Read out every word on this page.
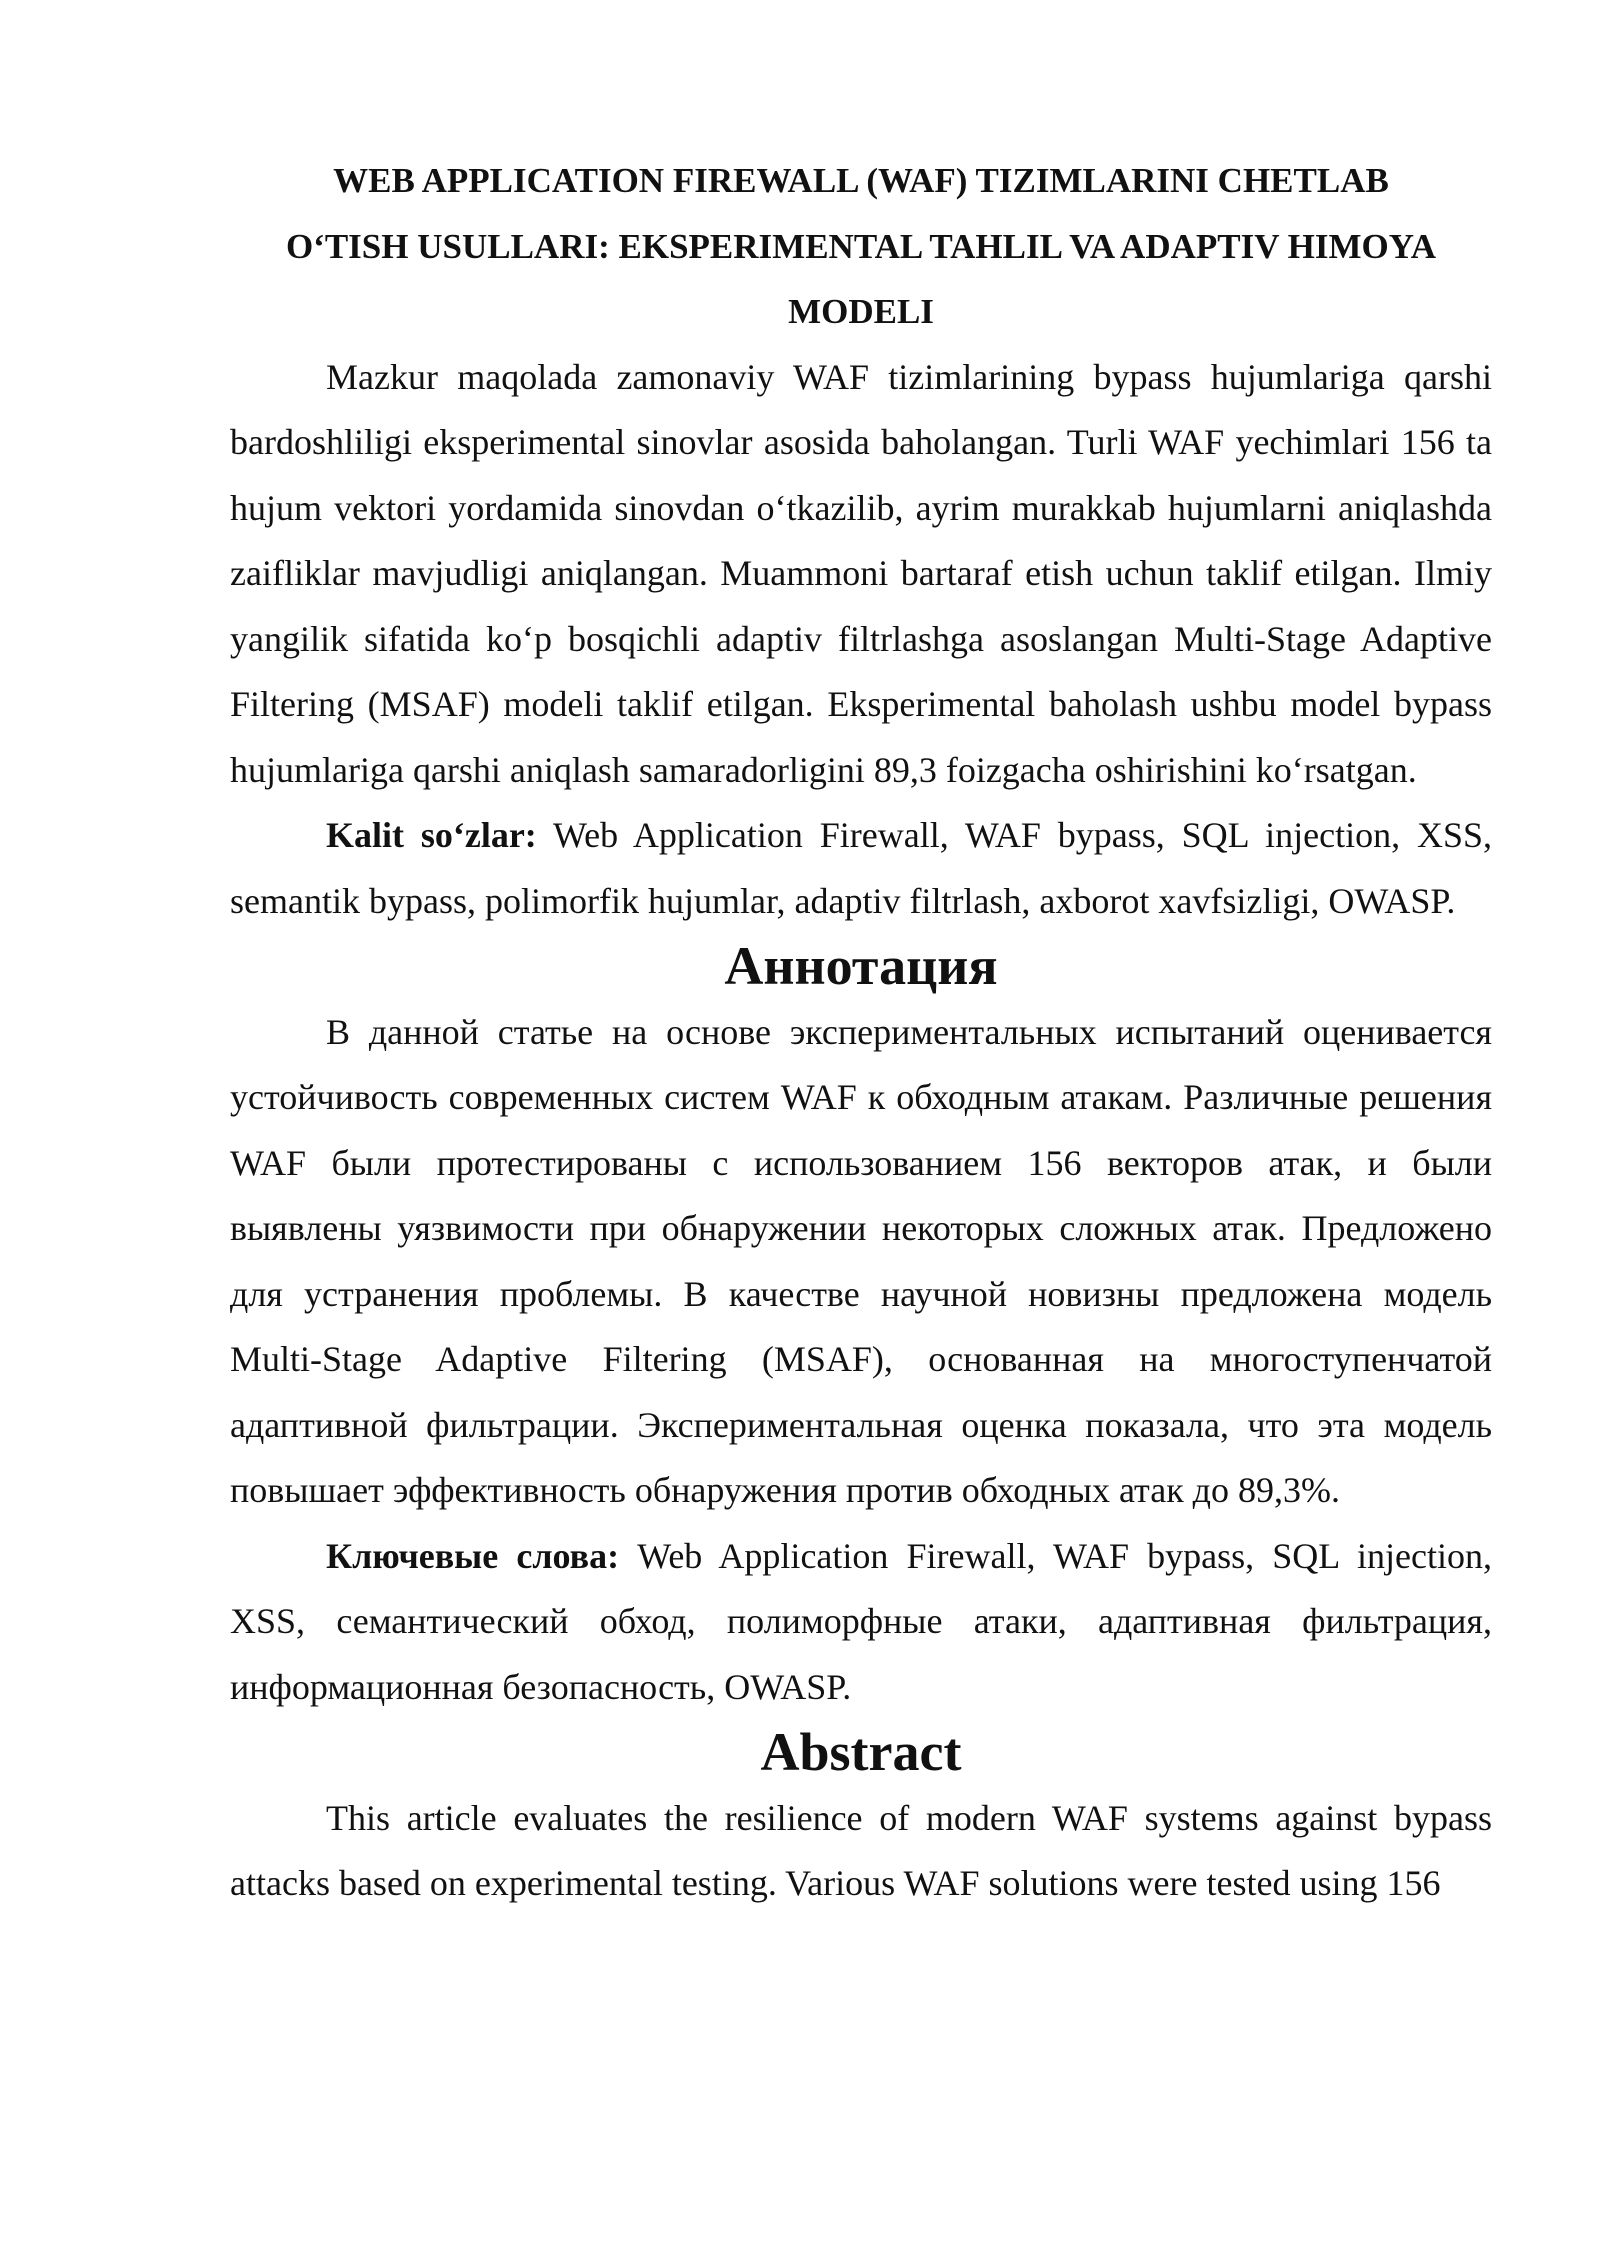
WEB APPLICATION FIREWALL (WAF) TIZIMLARINI CHETLAB
O‘TISH USULLARI: EKSPERIMENTAL TAHLIL VA ADAPTIV HIMOYA
MODELI

Mazkur maqolada zamonaviy WAF tizimlarining bypass hujumlariga qarshi bardoshliligi eksperimental sinovlar asosida baholangan. Turli WAF yechimlari 156 ta hujum vektori yordamida sinovdan o‘tkazilib, ayrim murakkab hujumlarni aniqlashda zaifliklar mavjudligi aniqlangan. Muammoni bartaraf etish uchun taklif etilgan. Ilmiy yangilik sifatida ko‘p bosqichli adaptiv filtrlashga asoslangan Multi-Stage Adaptive Filtering (MSAF) modeli taklif etilgan. Eksperimental baholash ushbu model bypass hujumlariga qarshi aniqlash samaradorligini 89,3 foizgacha oshirishini ko‘rsatgan.

Kalit so‘zlar: Web Application Firewall, WAF bypass, SQL injection, XSS, semantik bypass, polimorfik hujumlar, adaptiv filtrlash, axborot xavfsizligi, OWASP.

Аннотация

В данной статье на основе экспериментальных испытаний оценивается устойчивость современных систем WAF к обходным атакам. Различные решения WAF были протестированы с использованием 156 векторов атак, и были выявлены уязвимости при обнаружении некоторых сложных атак. Предложено для устранения проблемы. В качестве научной новизны предложена модель Multi-Stage Adaptive Filtering (MSAF), основанная на многоступенчатой адаптивной фильтрации. Экспериментальная оценка показала, что эта модель повышает эффективность обнаружения против обходных атак до 89,3%.

Ключевые слова: Web Application Firewall, WAF bypass, SQL injection, XSS, семантический обход, полиморфные атаки, адаптивная фильтрация, информационная безопасность, OWASP.

Abstract

This article evaluates the resilience of modern WAF systems against bypass attacks based on experimental testing. Various WAF solutions were tested using 156
